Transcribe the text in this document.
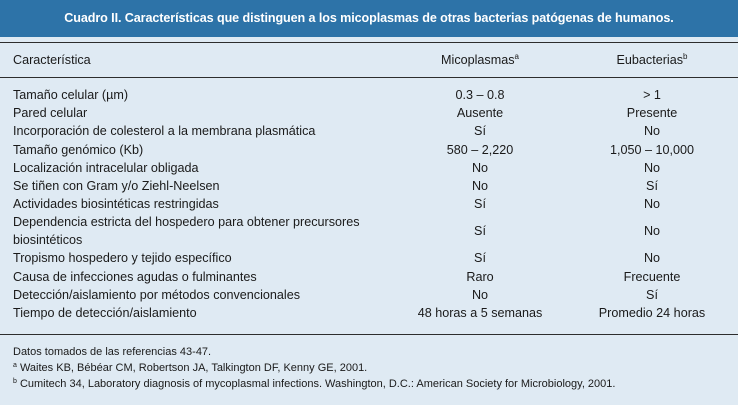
Cuadro II. Características que distinguen a los micoplasmas de otras bacterias patógenas de humanos.
Característica	Micoplasmas$^a$	Eubacterias$^b$
Tamaño celular (µm)	0.3 – 0.8	> 1
Pared celular	Ausente	Presente
Incorporación de colesterol a la membrana plasmática	Sí	No
Tamaño genómico (Kb)	580 – 2,220	1,050 – 10,000
Localización intracelular obligada	No	No
Se tiñen con Gram y/o Ziehl-Neelsen	No	Sí
Actividades biosintéticas restringidas	Sí	No
Dependencia estricta del hospedero para obtener precursores biosintéticos
Sí	No
Tropismo hospedero y tejido específico	Sí	No
Causa de infecciones agudas o fulminantes	Raro	Frecuente
Detección/aislamiento por métodos convencionales	No	Sí
Tiempo de detección/aislamiento	48 horas a 5 semanas	Promedio 24 horas
Datos tomados de las referencias 43-47.
$^a$ Waites KB, Bébéar CM, Robertson JA, Talkington DF, Kenny GE, 2001.
$^b$ Cumitech 34, Laboratory diagnosis of mycoplasmal infections. Washington, D.C.: American Society for Microbiology, 2001.
